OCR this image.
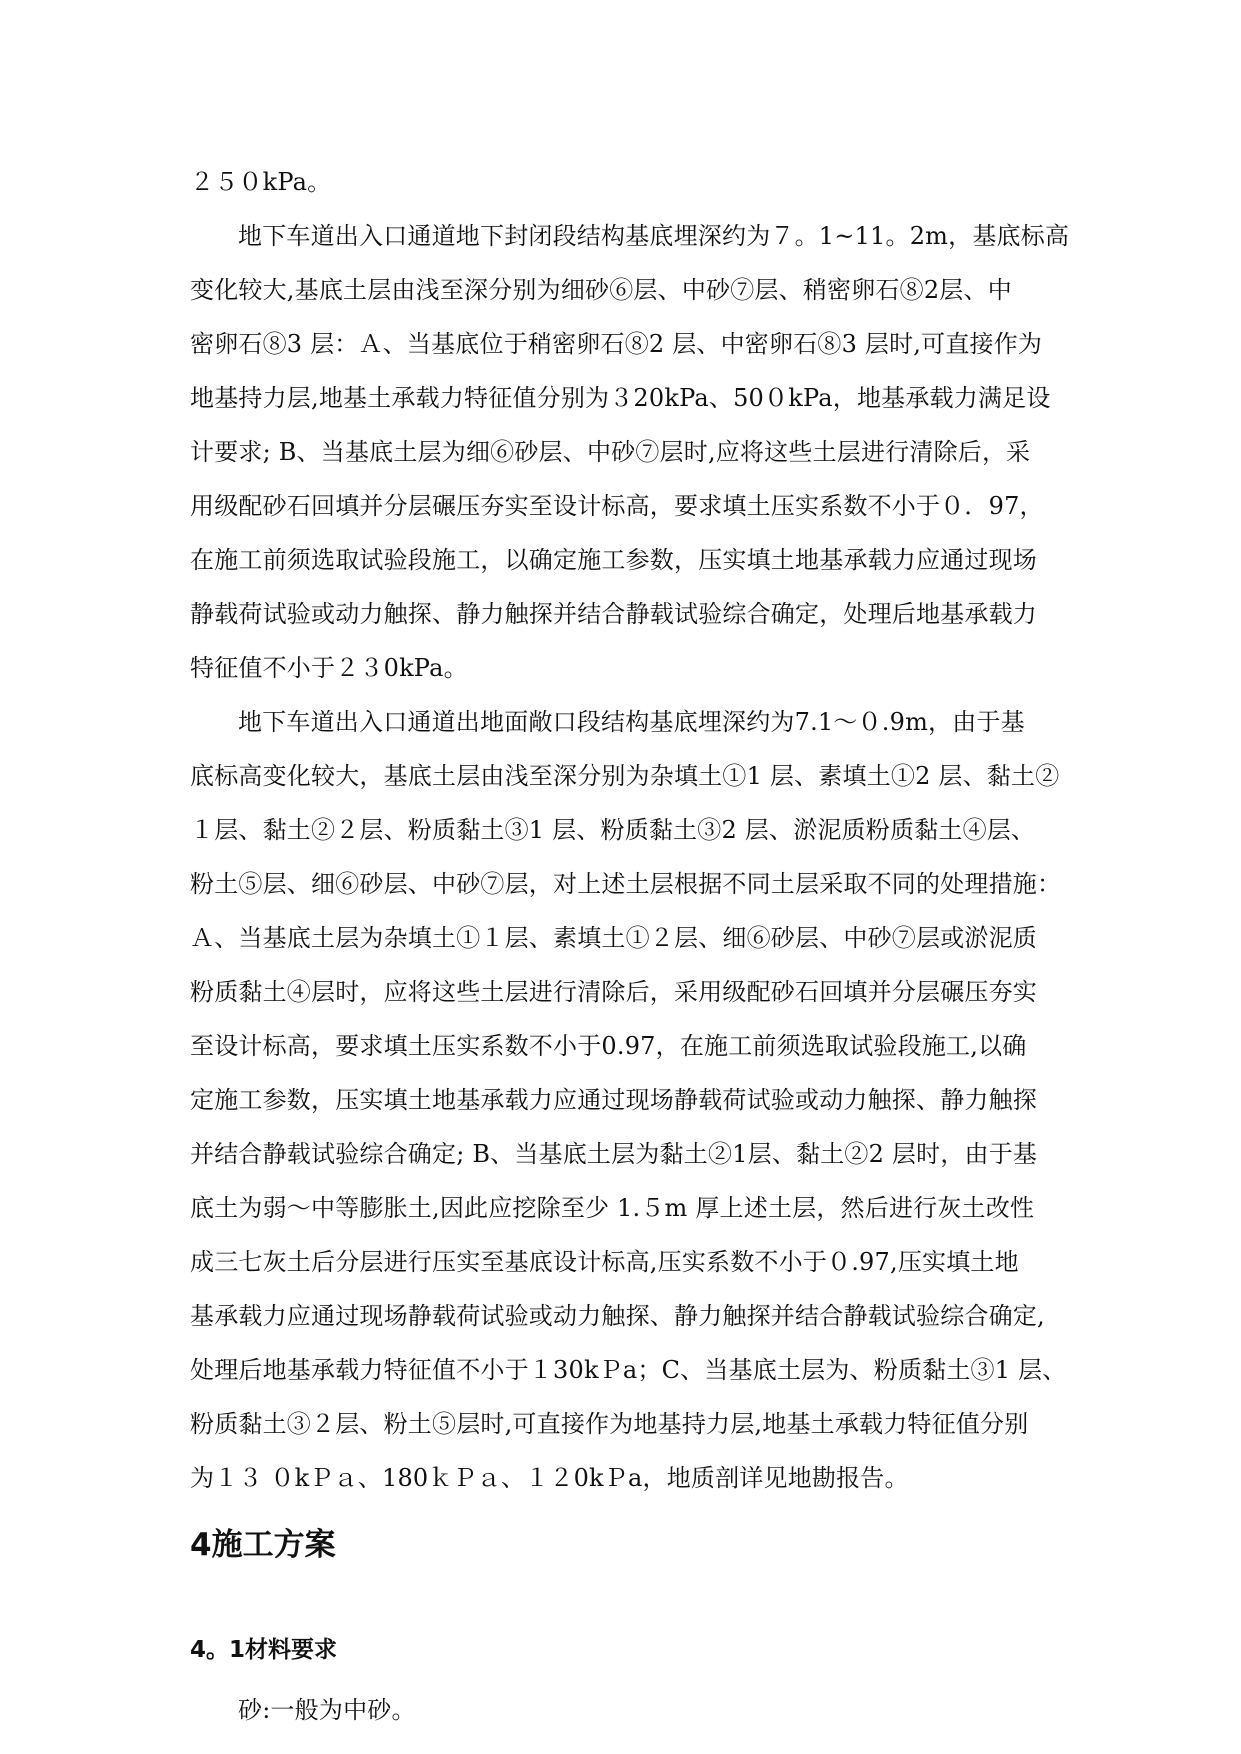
２５０kPa。
地下车道出入口通道地下封闭段结构基底埋深约为７。1~11。2m，基底标高
变化较大,基底土层由浅至深分别为细砂⑥层、中砂⑦层、稍密卵石⑧2层、中
密卵石⑧3 层：Ａ、当基底位于稍密卵石⑧2 层、中密卵石⑧3 层时,可直接作为
地基持力层,地基土承载力特征值分别为３20kPa、50０kPa，地基承载力满足设
计要求; B、当基底土层为细⑥砂层、中砂⑦层时,应将这些土层进行清除后，采
用级配砂石回填并分层碾压夯实至设计标高，要求填土压实系数不小于０．97，
在施工前须选取试验段施工，以确定施工参数，压实填土地基承载力应通过现场
静载荷试验或动力触探、静力触探并结合静载试验综合确定，处理后地基承载力
特征值不小于２３0kPa。
地下车道出入口通道出地面敞口段结构基底埋深约为7.1～０.9m，由于基
底标高变化较大，基底土层由浅至深分别为杂填土①1 层、素填土①2 层、黏土②
１层、黏土②２层、粉质黏土③1 层、粉质黏土③2 层、淤泥质粉质黏土④层、
粉土⑤层、细⑥砂层、中砂⑦层，对上述土层根据不同土层采取不同的处理措施：
Ａ、当基底土层为杂填土①１层、素填土①２层、细⑥砂层、中砂⑦层或淤泥质
粉质黏土④层时，应将这些土层进行清除后，采用级配砂石回填并分层碾压夯实
至设计标高，要求填土压实系数不小于0.97，在施工前须选取试验段施工,以确
定施工参数，压实填土地基承载力应通过现场静载荷试验或动力触探、静力触探
并结合静载试验综合确定; B、当基底土层为黏土②1层、黏土②2 层时，由于基
底土为弱～中等膨胀土,因此应挖除至少 1.５m 厚上述土层，然后进行灰土改性
成三七灰土后分层进行压实至基底设计标高,压实系数不小于０.97,压实填土地
基承载力应通过现场静载荷试验或动力触探、静力触探并结合静载试验综合确定,
处理后地基承载力特征值不小于１30kＰa；C、当基底土层为、粉质黏土③1 层、
粉质黏土③２层、粉土⑤层时,可直接作为地基持力层,地基土承载力特征值分别
为１３ ０kＰａ、180ｋＰａ、１２0kＰa，地质剖详见地勘报告。
4施工方案
4。1材料要求
砂:一般为中砂。
